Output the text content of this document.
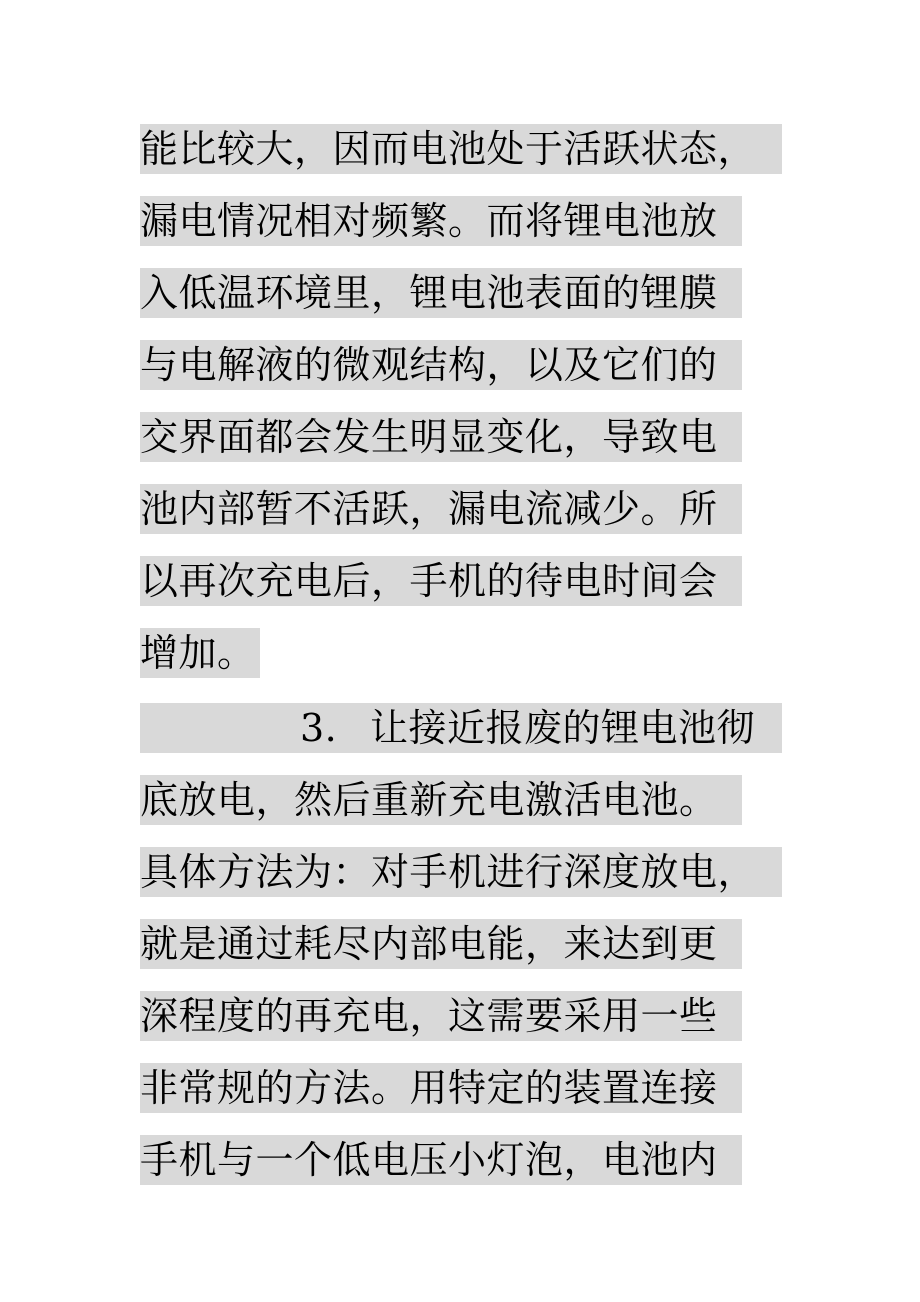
能比较大，因而电池处于活跃状态，
漏电情况相对频繁。而将锂电池放
入低温环境里，锂电池表面的锂膜
与电解液的微观结构，以及它们的
交界面都会发生明显变化，导致电
池内部暂不活跃，漏电流减少。所
以再次充电后，手机的待电时间会
增加。
3. 让接近报废的锂电池彻
底放电，然后重新充电激活电池。
具体方法为：对手机进行深度放电，
就是通过耗尽内部电能，来达到更
深程度的再充电，这需要采用一些
非常规的方法。用特定的装置连接
手机与一个低电压小灯泡，电池内
